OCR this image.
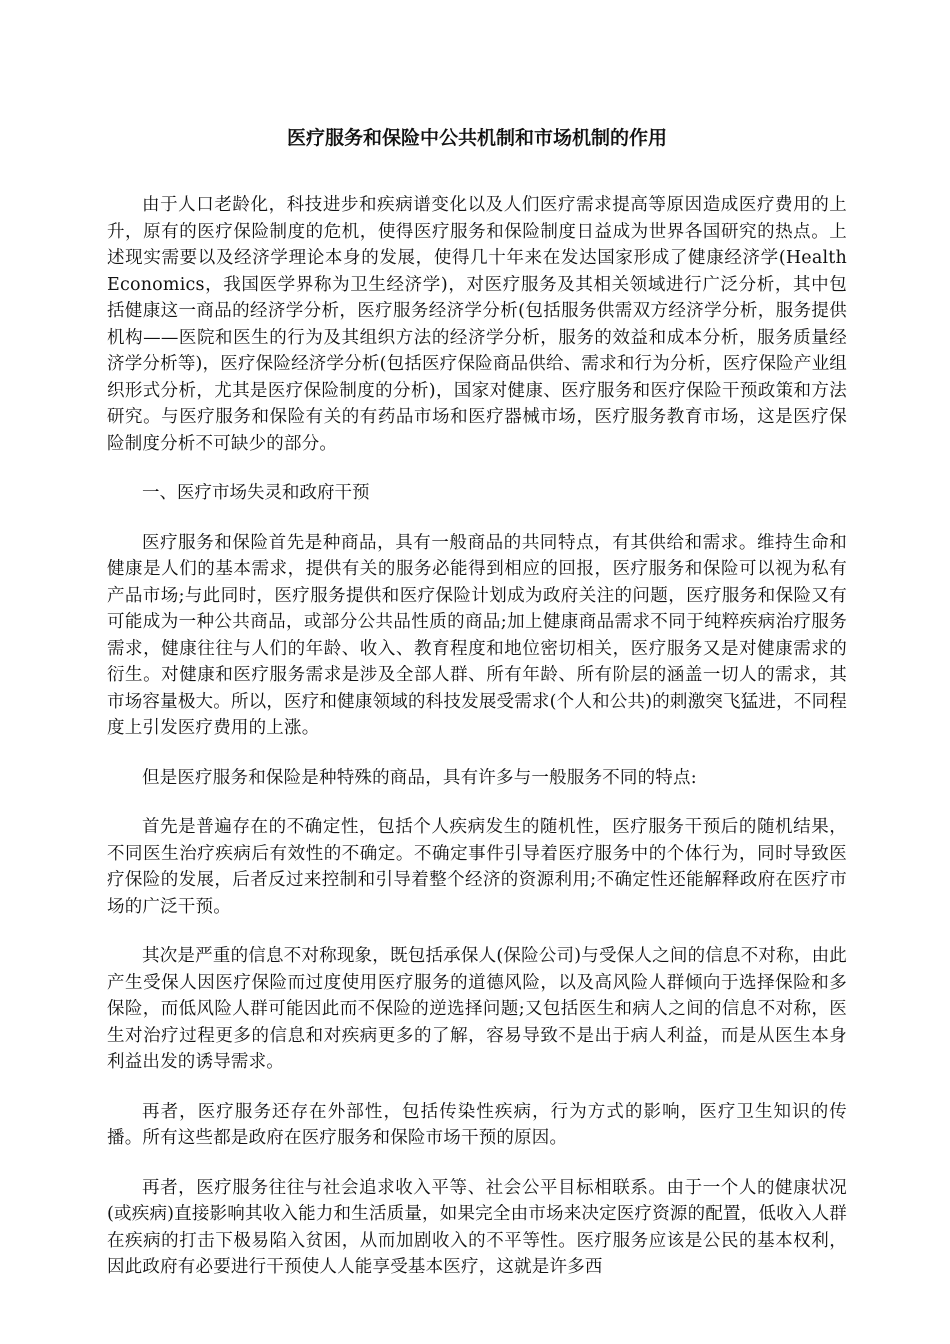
医疗服务和保险中公共机制和市场机制的作用

由于人口老龄化，科技进步和疾病谱变化以及人们医疗需求提高等原因造成医疗费用的上升，原有的医疗保险制度的危机，使得医疗服务和保险制度日益成为世界各国研究的热点。上述现实需要以及经济学理论本身的发展，使得几十年来在发达国家形成了健康经济学(Health Economics，我国医学界称为卫生经济学)，对医疗服务及其相关领域进行广泛分析，其中包括健康这一商品的经济学分析，医疗服务经济学分析(包括服务供需双方经济学分析，服务提供机构——医院和医生的行为及其组织方法的经济学分析，服务的效益和成本分析，服务质量经济学分析等)，医疗保险经济学分析(包括医疗保险商品供给、需求和行为分析，医疗保险产业组织形式分析，尤其是医疗保险制度的分析)，国家对健康、医疗服务和医疗保险干预政策和方法研究。与医疗服务和保险有关的有药品市场和医疗器械市场，医疗服务教育市场，这是医疗保险制度分析不可缺少的部分。

一、医疗市场失灵和政府干预

医疗服务和保险首先是种商品，具有一般商品的共同特点，有其供给和需求。维持生命和健康是人们的基本需求，提供有关的服务必能得到相应的回报，医疗服务和保险可以视为私有产品市场;与此同时，医疗服务提供和医疗保险计划成为政府关注的问题，医疗服务和保险又有可能成为一种公共商品，或部分公共品性质的商品;加上健康商品需求不同于纯粹疾病治疗服务需求，健康往往与人们的年龄、收入、教育程度和地位密切相关，医疗服务又是对健康需求的衍生。对健康和医疗服务需求是涉及全部人群、所有年龄、所有阶层的涵盖一切人的需求，其市场容量极大。所以，医疗和健康领域的科技发展受需求(个人和公共)的刺激突飞猛进，不同程度上引发医疗费用的上涨。

但是医疗服务和保险是种特殊的商品，具有许多与一般服务不同的特点:

首先是普遍存在的不确定性，包括个人疾病发生的随机性，医疗服务干预后的随机结果，不同医生治疗疾病后有效性的不确定。不确定事件引导着医疗服务中的个体行为，同时导致医疗保险的发展，后者反过来控制和引导着整个经济的资源利用;不确定性还能解释政府在医疗市场的广泛干预。

其次是严重的信息不对称现象，既包括承保人(保险公司)与受保人之间的信息不对称，由此产生受保人因医疗保险而过度使用医疗服务的道德风险，以及高风险人群倾向于选择保险和多保险，而低风险人群可能因此而不保险的逆选择问题;又包括医生和病人之间的信息不对称，医生对治疗过程更多的信息和对疾病更多的了解，容易导致不是出于病人利益，而是从医生本身利益出发的诱导需求。

再者，医疗服务还存在外部性，包括传染性疾病，行为方式的影响，医疗卫生知识的传播。所有这些都是政府在医疗服务和保险市场干预的原因。

再者，医疗服务往往与社会追求收入平等、社会公平目标相联系。由于一个人的健康状况(或疾病)直接影响其收入能力和生活质量，如果完全由市场来决定医疗资源的配置，低收入人群在疾病的打击下极易陷入贫困，从而加剧收入的不平等性。医疗服务应该是公民的基本权利，因此政府有必要进行干预使人人能享受基本医疗，这就是许多西
